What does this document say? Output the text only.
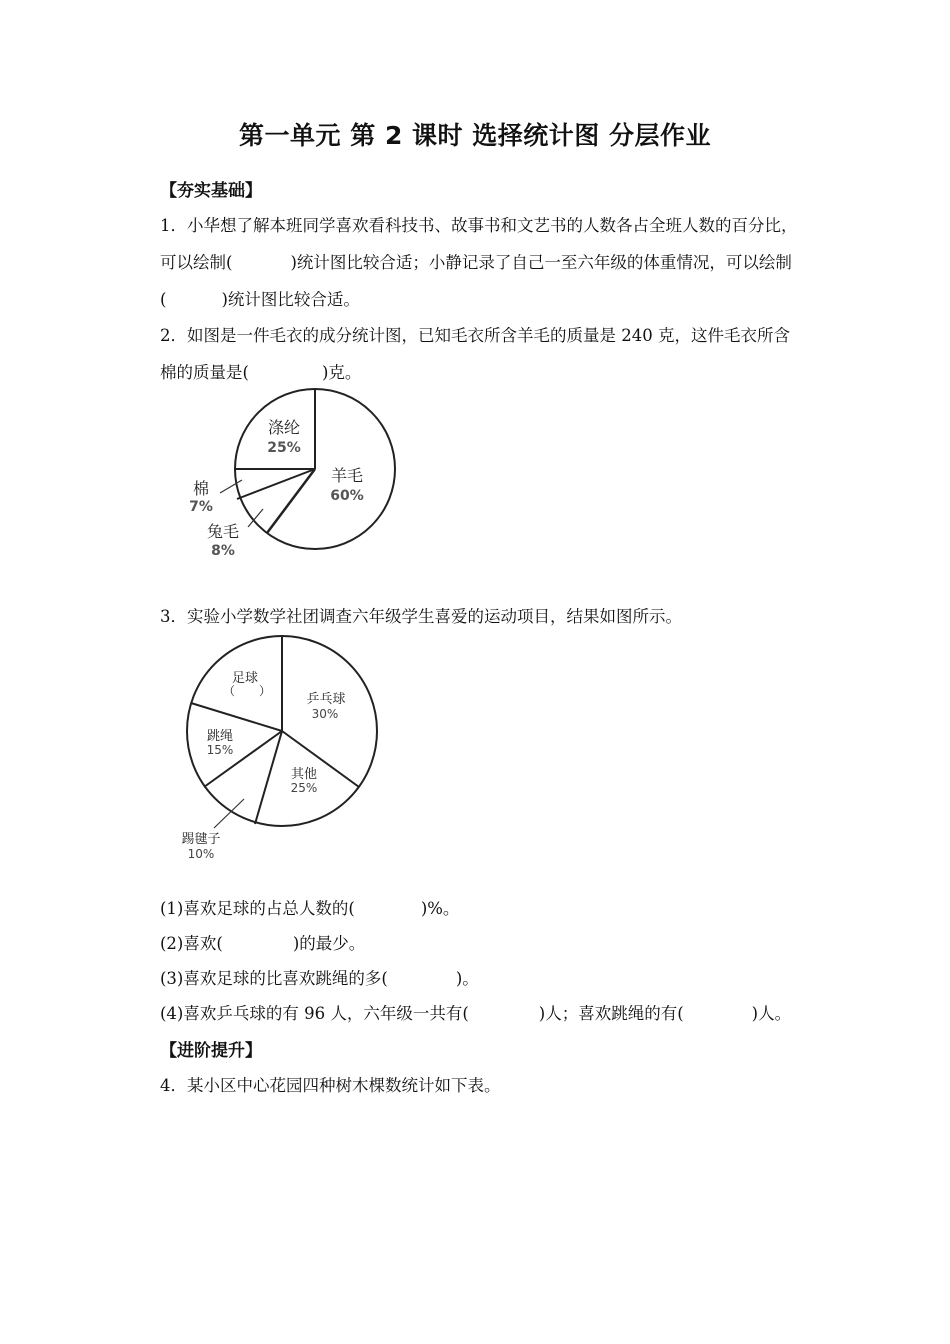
第一单元 第 2 课时 选择统计图 分层作业
【夯实基础】
1．小华想了解本班同学喜欢看科技书、故事书和文艺书的人数各占全班人数的百分比，
可以绘制(	)统计图比较合适；小静记录了自己一至六年级的体重情况，可以绘制
(	)统计图比较合适。
2．如图是一件毛衣的成分统计图，已知毛衣所含羊毛的质量是 240 克，这件毛衣所含
棉的质量是(	)克。
涤纶
25%
羊毛
60%
棉
7%
兔毛
8%
3．实验小学数学社团调查六年级学生喜爱的运动项目，结果如图所示。
足球
（　　）
乒乓球
30%
跳绳
15%
其他
25%
踢毽子
10%
(1)喜欢足球的占总人数的(	)%。
(2)喜欢(	)的最少。
(3)喜欢足球的比喜欢跳绳的多(	)。
(4)喜欢乒乓球的有 96 人，六年级一共有(	)人；喜欢跳绳的有(	)人。
【进阶提升】
4．某小区中心花园四种树木棵数统计如下表。
